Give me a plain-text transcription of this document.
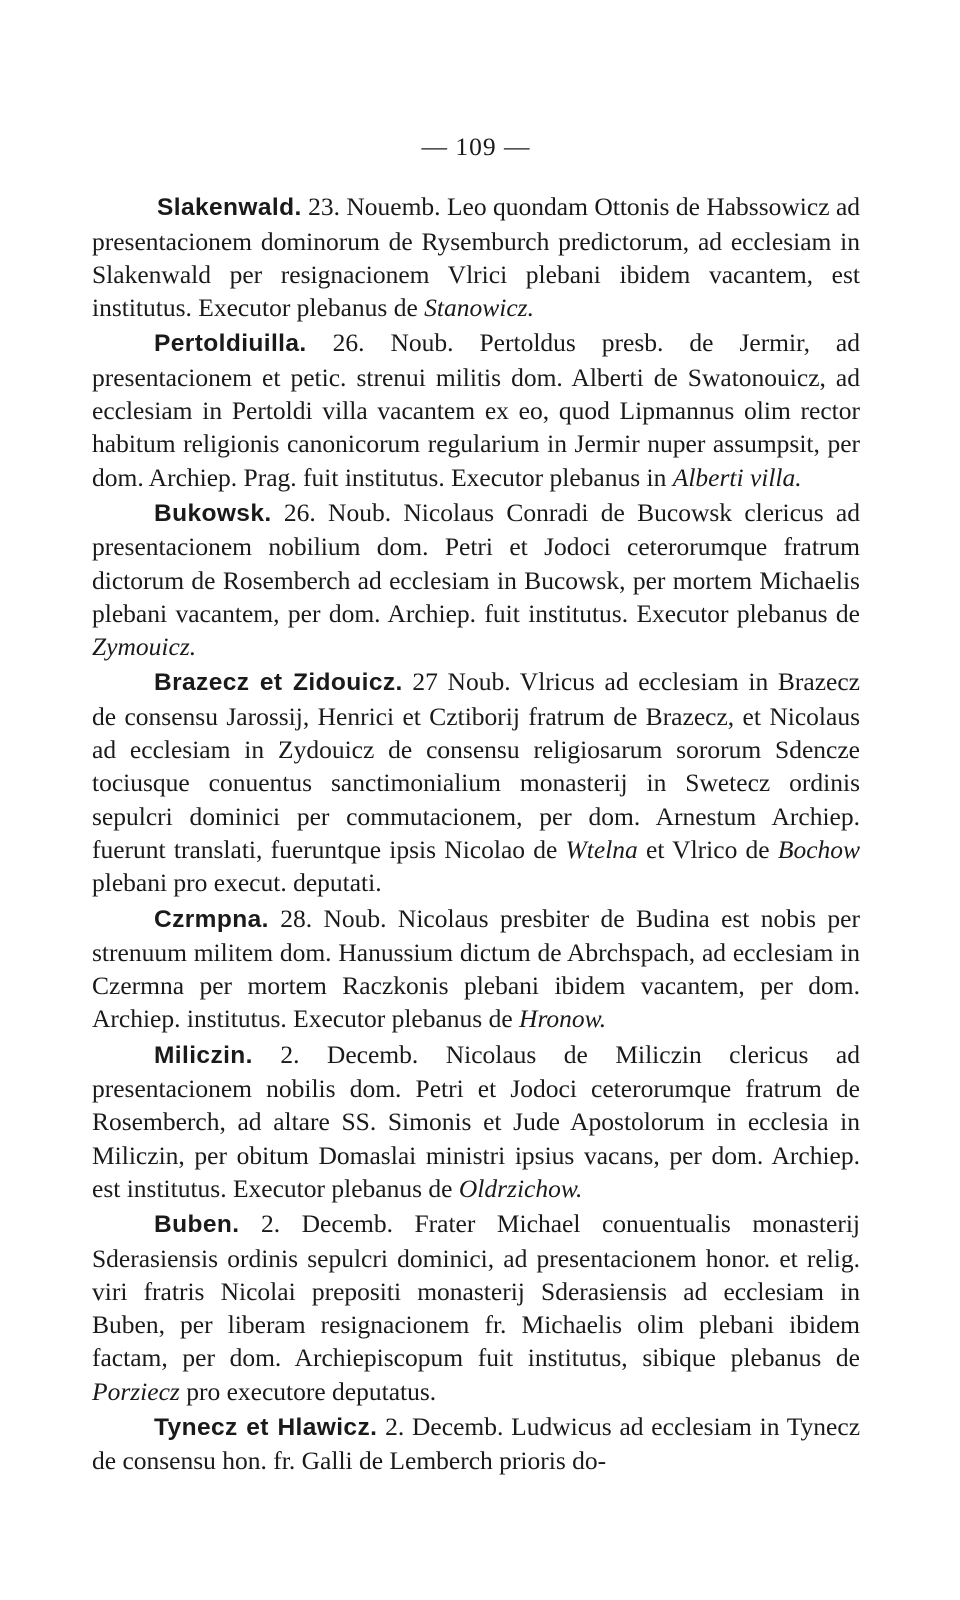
— 109 —

Slakenwald. 23. Nouemb. Leo quondam Ottonis de Habssowicz ad presentacionem dominorum de Rysemburch predictorum, ad ecclesiam in Slakenwald per resignacionem Vlrici plebani ibidem vacantem, est institutus. Executor plebanus de Stanowicz.

Pertoldiuilla. 26. Noub. Pertoldus presb. de Jermir, ad presentacionem et petic. strenui militis dom. Alberti de Swatonouicz, ad ecclesiam in Pertoldi villa vacantem ex eo, quod Lipmannus olim rector habitum religionis canonicorum regularium in Jermir nuper assumpsit, per dom. Archiep. Prag. fuit institutus. Executor plebanus in Alberti villa.

Bukowsk. 26. Noub. Nicolaus Conradi de Bucowsk clericus ad presentacionem nobilium dom. Petri et Jodoci ceterorumque fratrum dictorum de Rosemberch ad ecclesiam in Bucowsk, per mortem Michaelis plebani vacantem, per dom. Archiep. fuit institutus. Executor plebanus de Zymouicz.

Brazecz et Zidouicz. 27 Noub. Vlricus ad ecclesiam in Brazecz de consensu Jarossij, Henrici et Cztiborij fratrum de Brazecz, et Nicolaus ad ecclesiam in Zydouicz de consensu religiosarum sororum Sdencze tociusque conuentus sanctimonialium monasterij in Swetecz ordinis sepulcri dominici per commutacionem, per dom. Arnestum Archiep. fuerunt translati, fueruntque ipsis Nicolao de Wtelna et Vlrico de Bochow plebani pro execut. deputati.

Czrmpna. 28. Noub. Nicolaus presbiter de Budina est nobis per strenuum militem dom. Hanussium dictum de Abrchspach, ad ecclesiam in Czermna per mortem Raczkonis plebani ibidem vacantem, per dom. Archiep. institutus. Executor plebanus de Hronow.

Miliczin. 2. Decemb. Nicolaus de Miliczin clericus ad presentacionem nobilis dom. Petri et Jodoci ceterorumque fratrum de Rosemberch, ad altare SS. Simonis et Jude Apostolorum in ecclesia in Miliczin, per obitum Domaslai ministri ipsius vacans, per dom. Archiep. est institutus. Executor plebanus de Oldrzichow.

Buben. 2. Decemb. Frater Michael conuentualis monasterij Sderasiensis ordinis sepulcri dominici, ad presentacionem honor. et relig. viri fratris Nicolai prepositi monasterij Sderasiensis ad ecclesiam in Buben, per liberam resignacionem fr. Michaelis olim plebani ibidem factam, per dom. Archiepiscopum fuit institutus, sibique plebanus de Porziecz pro executore deputatus.

Tynecz et Hlawicz. 2. Decemb. Ludwicus ad ecclesiam in Tynecz de consensu hon. fr. Galli de Lemberch prioris do-
